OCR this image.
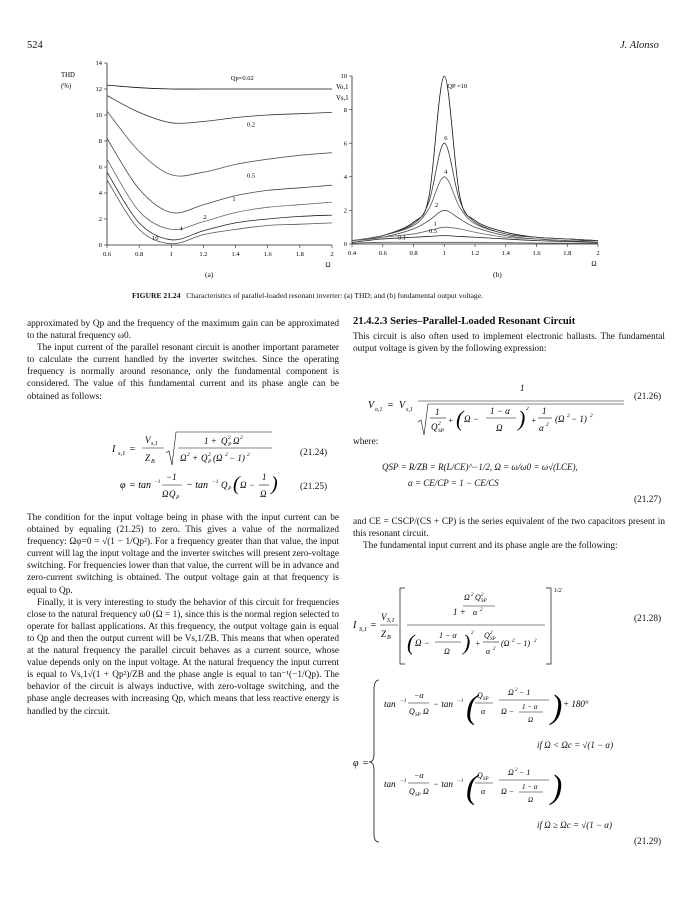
524	J. Alonso
0.6	0.8	1	1.2	1.4	1.6	1.8	2
0
2
4
6
8
10
12
14
Ω
THD
(%)
Qp=0.02
0.2
0.5
1
2
4
10
0.4	0.6	0.8	1	1.2	1.4	1.6	1.8	2
0
2
4
6
8
10
Ω
Vo,1
Vs,1
QP =10
6
4
2
1
0.5
0.1
(a)	(b)
FIGURE 21.24 Characteristics of parallel-loaded resonant inverter: (a) THD; and (b) fundamental output voltage.

approximated by Qp and the frequency of the maximum gain can be approximated to the natural frequency ω0.

The input current of the parallel resonant circuit is another important parameter to calculate the current handled by the inverter switches. Since the operating frequency is normally around resonance, only the fundamental component is considered. The value of this fundamental current and its phase angle can be obtained as follows:

I s,1 =
V s,1
Z B
1 + Q P
2 Ω 2
Ω 2 + Q P
2 (Ω 2 − 1) 2	(21.24)
φ = tan −1 −1
Ω Q P
− tan −1 Q P ( Ω −
1
Ω ) (21.25)

The condition for the input voltage being in phase with the input current can be obtained by equaling (21.25) to zero. This gives a value of the normalized frequency: Ωφ=0 = √(1 − 1/Qp²). For a frequency greater than that value, the input current will lag the input voltage and the inverter switches will present zero-voltage switching. For frequencies lower than that value, the current will be in advance and zero-current switching is obtained. The output voltage gain at that frequency is equal to Qp.

Finally, it is very interesting to study the behavior of this circuit for frequencies close to the natural frequency ω0 (Ω = 1), since this is the normal region selected to operate for ballast applications. At this frequency, the output voltage gain is equal to Qp and then the output current will be Vs,1/ZB. This means that when operated at the natural frequency the parallel circuit behaves as a current source, whose value depends only on the input voltage. At the natural frequency the input current is equal to Vs,1√(1 + Qp²)/ZB and the phase angle is equal to tan⁻¹(−1/Qp). The behavior of the circuit is always inductive, with zero-voltage switching, and the phase angle decreases with increasing Qp, which means that less reactive energy is handled by the circuit.

21.4.2.3 Series–Parallel-Loaded Resonant Circuit
This circuit is also often used to implement electronic ballasts. The fundamental output voltage is given by the following expression:
V o,1 = V s,1
1
1
Q SP
2 + ( Ω −
1 − α
Ω ) 2
+
1
α 2
(Ω 2 − 1) 2
(21.26)
where:
QSP = R/ZB = R(L/CE)^−1/2, Ω = ω/ω0 = ω√(LCE),
α = CE/CP = 1 − CE/CS
(21.27)

and CE = CSCP/(CS + CP) is the series equivalent of the two capacitors present in this resonant circuit.

The fundamental input current and its phase angle are the following:

I S,1 =
V S,1
Z B
1/2
Ω 2 Q SP
2
1 + α 2
( Ω −
1 − α
Ω ) 2
+
Q SP
2
α 2
(Ω 2 − 1) 2
(21.28)
φ =
tan −1
−α
Q SP Ω
− tan −1 ( Q SP
α
Ω 2 − 1
Ω − 1 − α
Ω ) + 180°
tan −1
−α
Q SP Ω
− tan −1 ( Q SP
α
Ω 2 − 1
Ω − 1 − α
Ω )
if Ω < Ωc = √(1 − α)
if Ω ≥ Ωc = √(1 − α)
(21.29)
